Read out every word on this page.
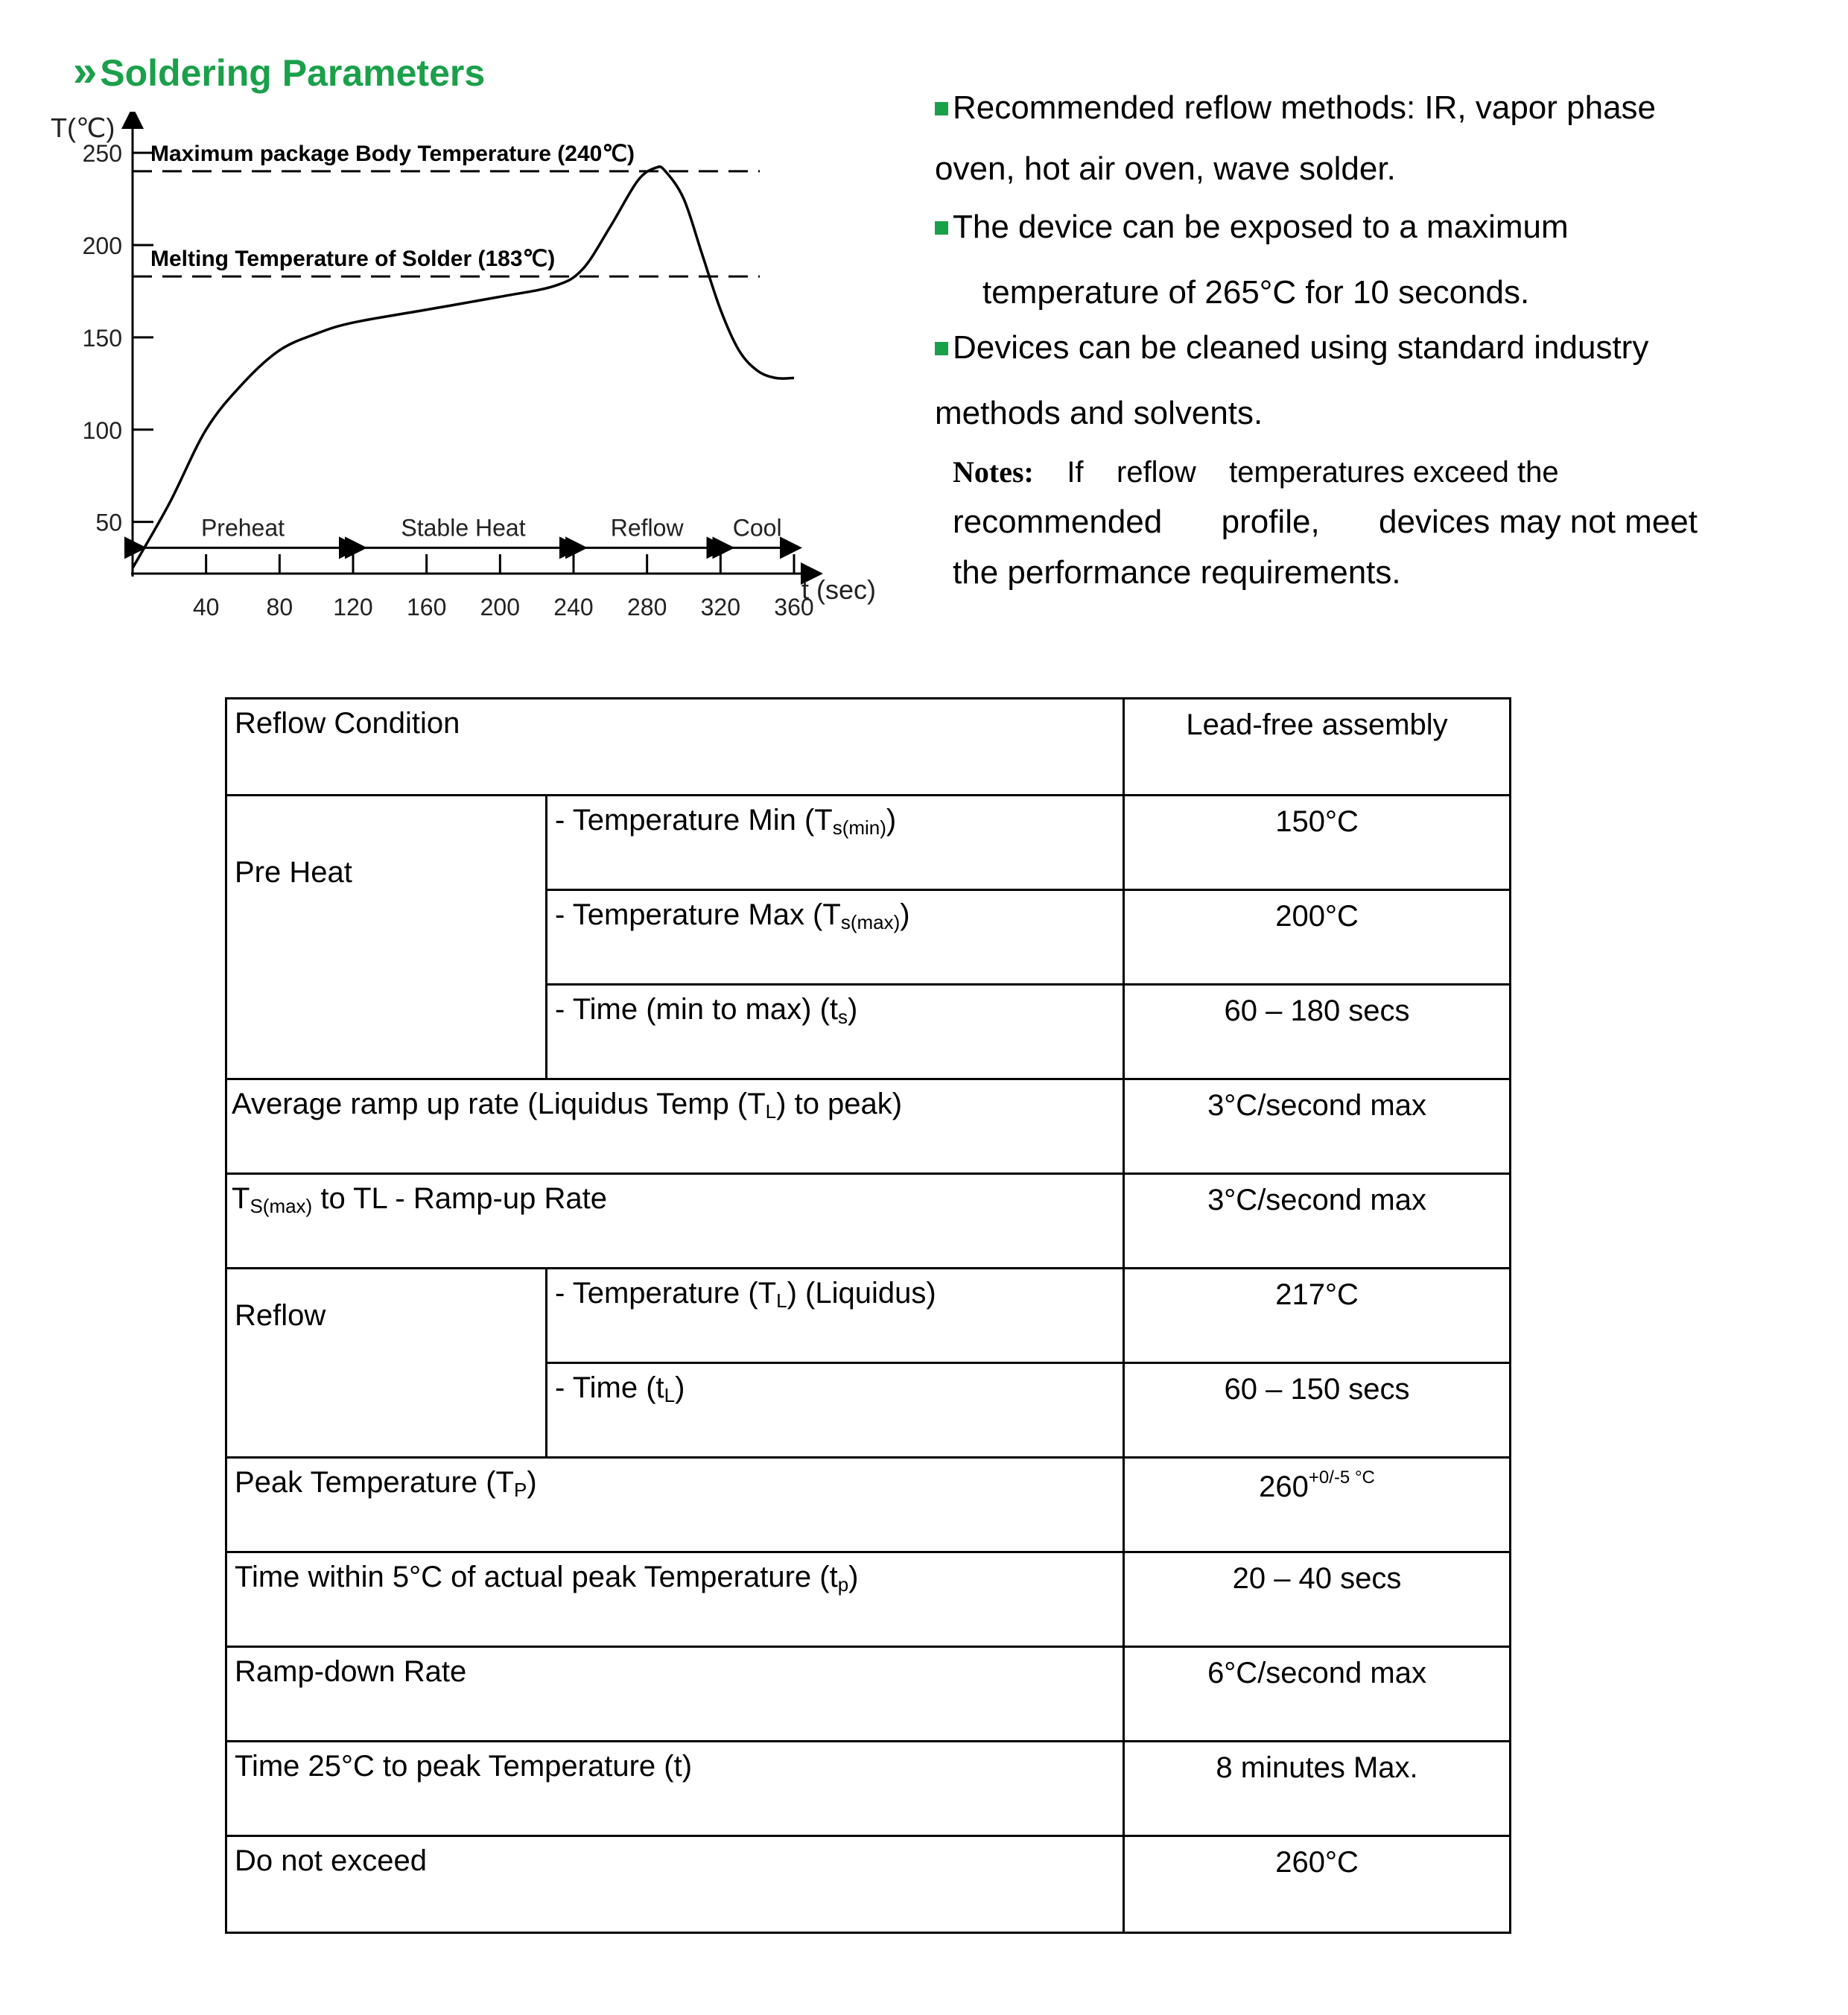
» Soldering Parameters
50
100
150
200
250
40 80 120 160 200 240 280 320 360
Maximum package Body Temperature (240℃)
Melting Temperature of Solder (183℃)
Preheat	Stable Heat	Reflow Cool
T(℃)
t (sec)
Recommended reflow methods: IR, vapor phase
oven, hot air oven, wave solder.
The device can be exposed to a maximum
temperature of 265°C for 10 seconds.
Devices can be cleaned using standard industry
methods and solvents.
Notes: If reflow temperatures exceed the
recommended profile, devices may not meet
the performance requirements.
Reflow Condition		Lead-free assembly
Pre Heat	- Temperature Min $(T_{s(min)})$	150°C
	- Temperature Max $(T_{s(max)})$	200°C
	- Time (min to max) $(t_s)$	60 – 180 secs
Average ramp up rate (Liquidus Temp $(T_L)$ to peak)		3°C/second max
$T_{S(max)}$ to TL - Ramp-up Rate		3°C/second max
Reflow	- Temperature $(T_L)$ (Liquidus)	217°C
	- Time $(t_L)$	60 – 150 secs
Peak Temperature $(T_P)$		$260^{+0/-5 ^\circ C}$
Time within 5°C of actual peak Temperature $(t_p)$		20 – 40 secs
Ramp-down Rate		6°C/second max
Time 25°C to peak Temperature (t)		8 minutes Max.
Do not exceed		260°C
